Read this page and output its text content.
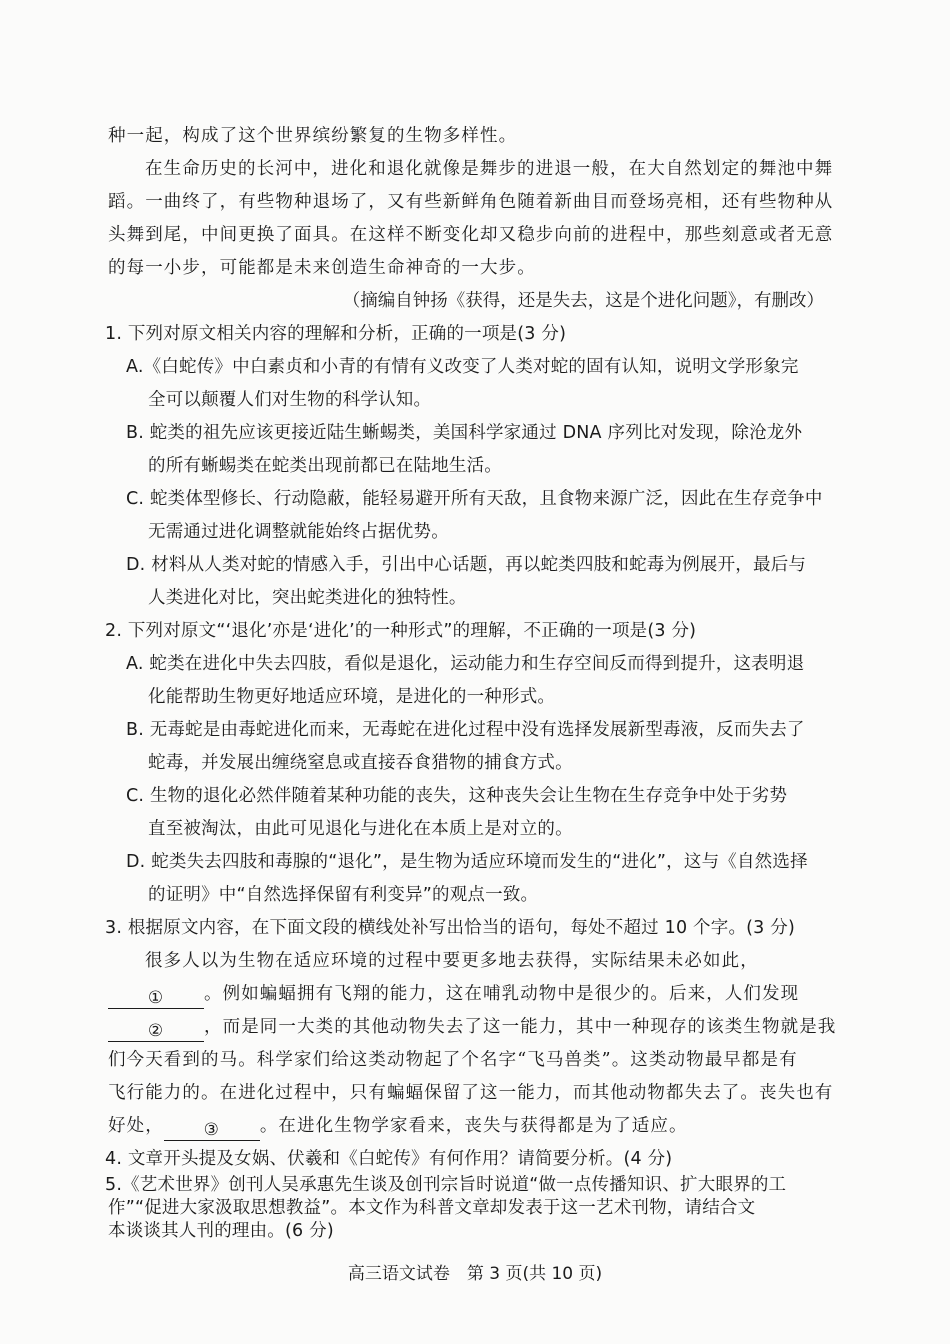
种一起，构成了这个世界缤纷繁复的生物多样性。
在生命历史的长河中，进化和退化就像是舞步的进退一般，在大自然划定的舞池中舞
蹈。一曲终了，有些物种退场了，又有些新鲜角色随着新曲目而登场亮相，还有些物种从
头舞到尾，中间更换了面具。在这样不断变化却又稳步向前的进程中，那些刻意或者无意
的每一小步，可能都是未来创造生命神奇的一大步。
（摘编自钟扬《获得，还是失去，这是个进化问题》，有删改）
1. 下列对原文相关内容的理解和分析，正确的一项是(3 分)
A.《白蛇传》中白素贞和小青的有情有义改变了人类对蛇的固有认知，说明文学形象完
全可以颠覆人们对生物的科学认知。
B. 蛇类的祖先应该更接近陆生蜥蜴类，美国科学家通过 DNA 序列比对发现，除沧龙外
的所有蜥蜴类在蛇类出现前都已在陆地生活。
C. 蛇类体型修长、行动隐蔽，能轻易避开所有天敌，且食物来源广泛，因此在生存竞争中
无需通过进化调整就能始终占据优势。
D. 材料从人类对蛇的情感入手，引出中心话题，再以蛇类四肢和蛇毒为例展开，最后与
人类进化对比，突出蛇类进化的独特性。
2. 下列对原文“‘退化’亦是‘进化’的一种形式”的理解，不正确的一项是(3 分)
A. 蛇类在进化中失去四肢，看似是退化，运动能力和生存空间反而得到提升，这表明退
化能帮助生物更好地适应环境，是进化的一种形式。
B. 无毒蛇是由毒蛇进化而来，无毒蛇在进化过程中没有选择发展新型毒液，反而失去了
蛇毒，并发展出缠绕窒息或直接吞食猎物的捕食方式。
C. 生物的退化必然伴随着某种功能的丧失，这种丧失会让生物在生存竞争中处于劣势
直至被淘汰，由此可见退化与进化在本质上是对立的。
D. 蛇类失去四肢和毒腺的“退化”，是生物为适应环境而发生的“进化”，这与《自然选择
的证明》中“自然选择保留有利变异”的观点一致。
3. 根据原文内容，在下面文段的横线处补写出恰当的语句，每处不超过 10 个字。(3 分)
很多人以为生物在适应环境的过程中要更多地去获得，实际结果未必如此，
① 。例如蝙蝠拥有飞翔的能力，这在哺乳动物中是很少的。后来，人们发现
② ，而是同一大类的其他动物失去了这一能力，其中一种现存的该类生物就是我
们今天看到的马。科学家们给这类动物起了个名字“飞马兽类”。这类动物最早都是有
飞行能力的。在进化过程中，只有蝙蝠保留了这一能力，而其他动物都失去了。丧失也有
好处， ③ 。在进化生物学家看来，丧失与获得都是为了适应。
4. 文章开头提及女娲、伏羲和《白蛇传》有何作用？请简要分析。(4 分)
5.《艺术世界》创刊人吴承惠先生谈及创刊宗旨时说道“做一点传播知识、扩大眼界的工
高三语文试卷　第 3 页(共 10 页)
作”“促进大家汲取思想教益”。本文作为科普文章却发表于这一艺术刊物，请结合文
本谈谈其人刊的理由。(6 分)
